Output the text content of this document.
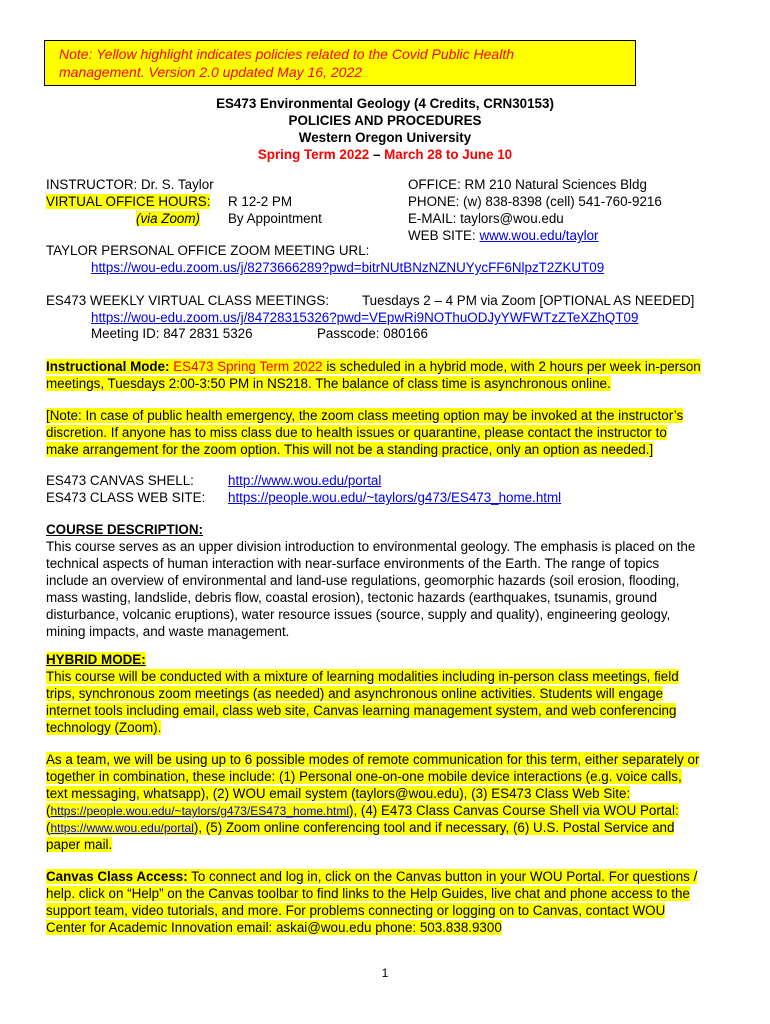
Note: Yellow highlight indicates policies related to the Covid Public Health
management. Version 2.0 updated May 16, 2022
ES473 Environmental Geology (4 Credits, CRN30153)
POLICIES AND PROCEDURES
Western Oregon University
Spring Term 2022 – March 28 to June 10
INSTRUCTOR: Dr. S. Taylor
VIRTUAL OFFICE HOURS: R 12-2 PM
(via Zoom) By Appointment
OFFICE: RM 210 Natural Sciences Bldg
PHONE: (w) 838-8398 (cell) 541-760-9216
E-MAIL: taylors@wou.edu
WEB SITE: www.wou.edu/taylor
TAYLOR PERSONAL OFFICE ZOOM MEETING URL:
https://wou-edu.zoom.us/j/8273666289?pwd=bitrNUtBNzNZNUYycFF6NlpzT2ZKUT09
ES473 WEEKLY VIRTUAL CLASS MEETINGS: Tuesdays 2 – 4 PM via Zoom [OPTIONAL AS NEEDED]
https://wou-edu.zoom.us/j/84728315326?pwd=VEpwRi9NOThuODJyYWFWTzZTeXZhQT09
Meeting ID: 847 2831 5326	Passcode: 080166
Instructional Mode: ES473 Spring Term 2022 is scheduled in a hybrid mode, with 2 hours per week in-person
meetings, Tuesdays 2:00-3:50 PM in NS218. The balance of class time is asynchronous online.
[Note: In case of public health emergency, the zoom class meeting option may be invoked at the instructor’s
discretion. If anyone has to miss class due to health issues or quarantine, please contact the instructor to
make arrangement for the zoom option. This will not be a standing practice, only an option as needed.]
ES473 CANVAS SHELL:	http://www.wou.edu/portal
ES473 CLASS WEB SITE: https://people.wou.edu/~taylors/g473/ES473_home.html
COURSE DESCRIPTION:
This course serves as an upper division introduction to environmental geology. The emphasis is placed on the
technical aspects of human interaction with near-surface environments of the Earth. The range of topics
include an overview of environmental and land-use regulations, geomorphic hazards (soil erosion, flooding,
mass wasting, landslide, debris flow, coastal erosion), tectonic hazards (earthquakes, tsunamis, ground
disturbance, volcanic eruptions), water resource issues (source, supply and quality), engineering geology,
mining impacts, and waste management.
HYBRID MODE:
This course will be conducted with a mixture of learning modalities including in-person class meetings, field
trips, synchronous zoom meetings (as needed) and asynchronous online activities. Students will engage
internet tools including email, class web site, Canvas learning management system, and web conferencing
technology (Zoom).
As a team, we will be using up to 6 possible modes of remote communication for this term, either separately or
together in combination, these include: (1) Personal one-on-one mobile device interactions (e.g. voice calls,
text messaging, whatsapp), (2) WOU email system (taylors@wou.edu), (3) ES473 Class Web Site:
(https://people.wou.edu/~taylors/g473/ES473_home.html), (4) E473 Class Canvas Course Shell via WOU Portal:
(https://www.wou.edu/portal), (5) Zoom online conferencing tool and if necessary, (6) U.S. Postal Service and
paper mail.
Canvas Class Access: To connect and log in, click on the Canvas button in your WOU Portal. For questions /
help. click on “Help” on the Canvas toolbar to find links to the Help Guides, live chat and phone access to the
support team, video tutorials, and more. For problems connecting or logging on to Canvas, contact WOU
Center for Academic Innovation email: askai@wou.edu phone: 503.838.9300
1
